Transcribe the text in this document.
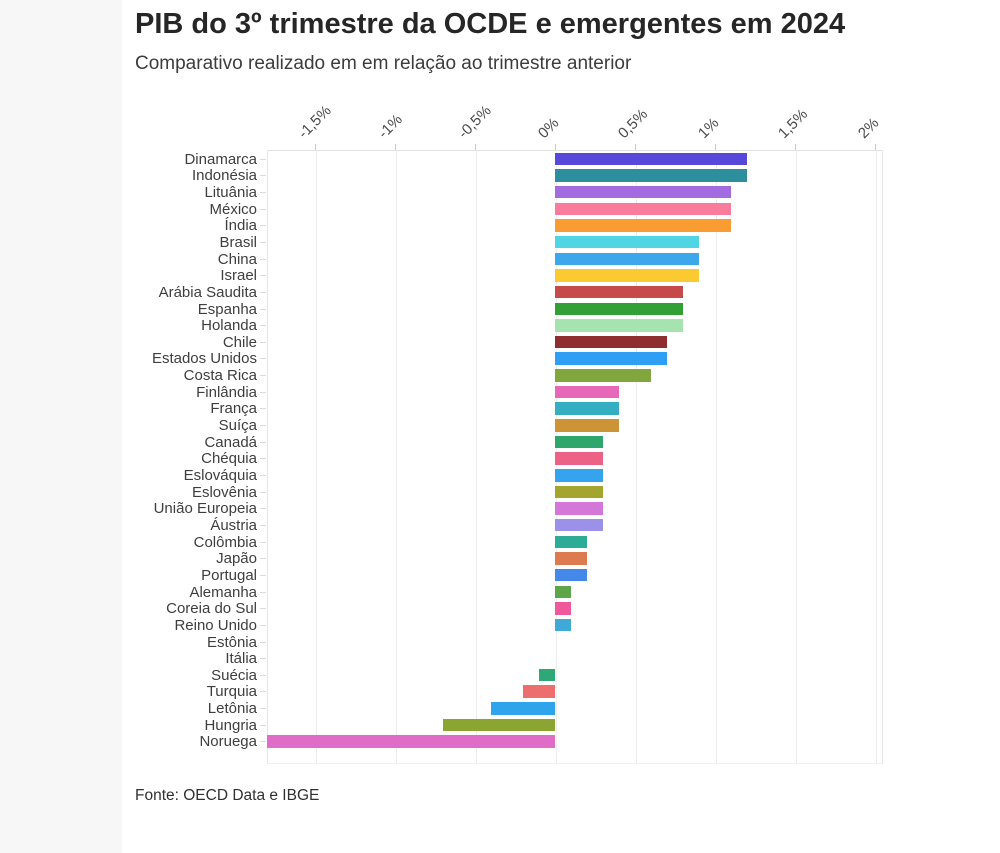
PIB do 3º trimestre da OCDE e emergentes em 2024
Comparativo realizado em em relação ao trimestre anterior
-1,5%	-1%	-0,5%	0%	0,5%	1%	1,5%	2%
Dinamarca
Indonésia
Lituânia
México
Índia
Brasil
China
Israel
Arábia Saudita
Espanha
Holanda
Chile
Estados Unidos
Costa Rica
Finlândia
França
Suíça
Canadá
Chéquia
Eslováquia
Eslovênia
União Europeia
Áustria
Colômbia
Japão
Portugal
Alemanha
Coreia do Sul
Reino Unido
Estônia
Itália
Suécia
Turquia
Letônia
Hungria
Noruega

Fonte: OECD Data e IBGE
